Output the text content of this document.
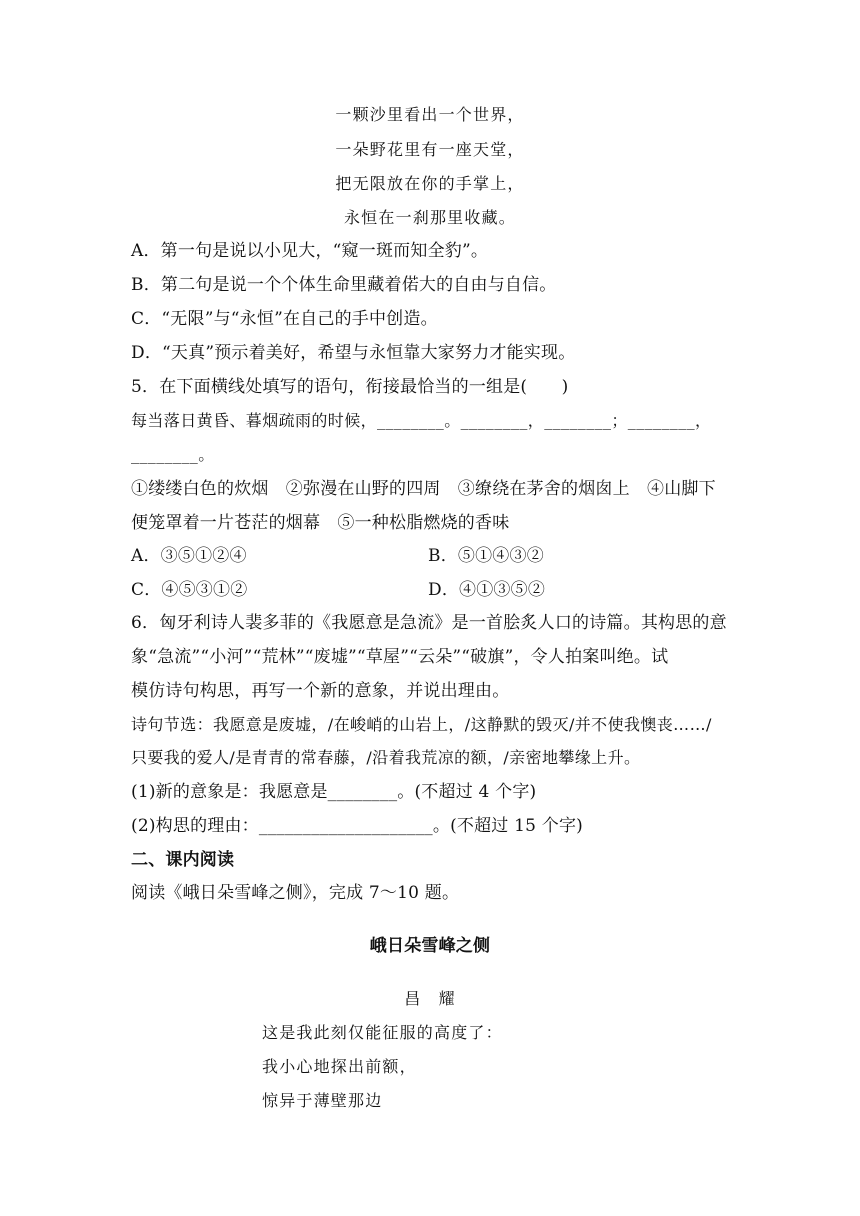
一颗沙里看出一个世界，
一朵野花里有一座天堂，
把无限放在你的手掌上，
永恒在一刹那里收藏。
A．第一句是说以小见大，“窥一斑而知全豹”。
B．第二句是说一个个体生命里藏着偌大的自由与自信。
C．“无限”与“永恒”在自己的手中创造。
D．“天真”预示着美好，希望与永恒靠大家努力才能实现。
5．在下面横线处填写的语句，衔接最恰当的一组是(　　)
每当落日黄昏、暮烟疏雨的时候，________。________，________；________，
________。
①缕缕白色的炊烟　②弥漫在山野的四周　③缭绕在茅舍的烟囱上　④山脚下
便笼罩着一片苍茫的烟幕　⑤一种松脂燃烧的香味
A．③⑤①②④	B．⑤①④③②
C．④⑤③①②	D．④①③⑤②
6．匈牙利诗人裴多菲的《我愿意是急流》是一首脍炙人口的诗篇。其构思的意
象“急流”“小河”“荒林”“废墟”“草屋”“云朵”“破旗”，令人拍案叫绝。试
模仿诗句构思，再写一个新的意象，并说出理由。
诗句节选：我愿意是废墟，/在峻峭的山岩上，/这静默的毁灭/并不使我懊丧……/
只要我的爱人/是青青的常春藤，/沿着我荒凉的额，/亲密地攀缘上升。
(1)新的意象是：我愿意是________。(不超过 4 个字)
(2)构思的理由：____________________。(不超过 15 个字)
二、课内阅读
阅读《峨日朵雪峰之侧》，完成 7～10 题。
峨日朵雪峰之侧
昌　耀
这是我此刻仅能征服的高度了：
我小心地探出前额，
惊异于薄壁那边
